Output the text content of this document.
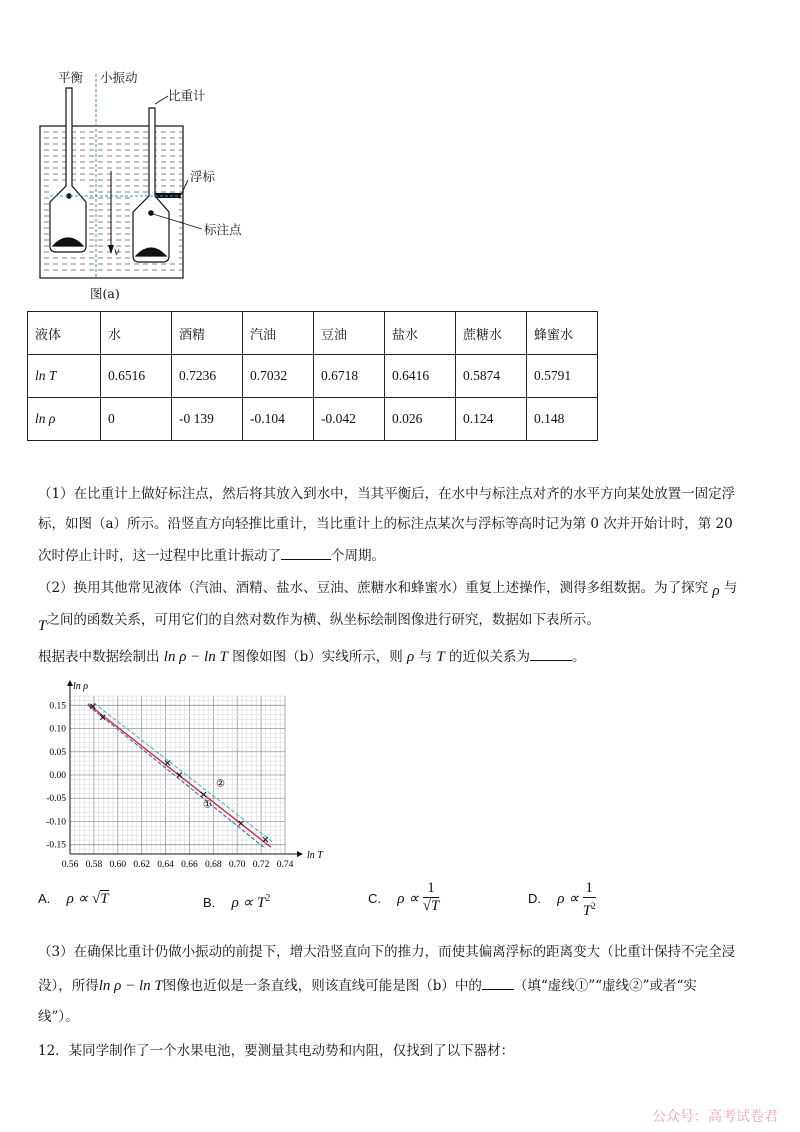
平衡 小振动
比重计
浮标
标注点
v
图(a)
液体	水	酒精	汽油	豆油	盐水	蔗糖水	蜂蜜水
ln T	0.6516	0.7236	0.7032	0.6718	0.6416	0.5874	0.5791
ln ρ	0	-0 139	-0.104	-0.042	0.026	0.124	0.148
（1）在比重计上做好标注点，然后将其放入到水中，当其平衡后，在水中与标注点对齐的水平方向某处放置一固定浮
标，如图（a）所示。沿竖直方向轻推比重计，当比重计上的标注点某次与浮标等高时记为第 0 次并开始计时，第 20
次时停止计时，这一过程中比重计振动了	个周期。
（2）换用其他常见液体（汽油、酒精、盐水、豆油、蔗糖水和蜂蜜水）重复上述操作，测得多组数据。为了探究 ρ 与
T之间的函数关系，可用它们的自然对数作为横、纵坐标绘制图像进行研究，数据如下表所示。
根据表中数据绘制出 ln ρ − ln T 图像如图（b）实线所示，则 ρ 与 T 的近似关系为	。
0.56 0.58 0.60 0.62 0.64 0.66 0.68 0.70 0.72 0.74
0.15
0.10
0.05
0.00
-0.05
-0.10
-0.15
ln T
ln ρ
①
②
A. ρ ∝ √T	B. $\rho \propto T^2$	C. $\rho \propto \frac{1}{√T}$	D. $\rho \propto \frac{1}{T^2}$
（3）在确保比重计仍做小振动的前提下，增大沿竖直向下的推力，而使其偏离浮标的距离变大（比重计保持不完全浸
没），所得ln ρ − ln T图像也近似是一条直线，则该直线可能是图（b）中的 （填“虚线①”“虚线②”或者“实
线”）。
12．某同学制作了一个水果电池，要测量其电动势和内阻，仅找到了以下器材：
公众号：高考试卷君
